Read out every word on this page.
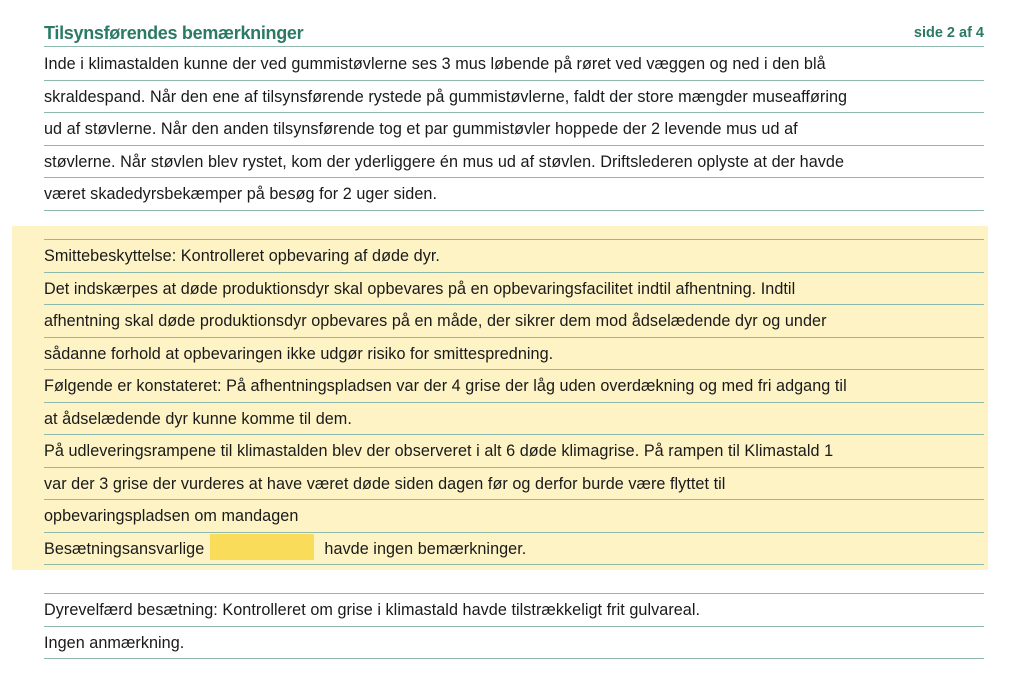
Tilsynsførendes bemærkninger	side 2 af 4
Inde i klimastalden kunne der ved gummistøvlerne ses 3 mus løbende på røret ved væggen og ned i den blå
skraldespand. Når den ene af tilsynsførende rystede på gummistøvlerne, faldt der store mængder museafføring
ud af støvlerne. Når den anden tilsynsførende tog et par gummistøvler hoppede der 2 levende mus ud af
støvlerne. Når støvlen blev rystet, kom der yderliggere én mus ud af støvlen. Driftslederen oplyste at der havde
været skadedyrsbekæmper på besøg for 2 uger siden.
Smittebeskyttelse: Kontrolleret opbevaring af døde dyr.
Det indskærpes at døde produktionsdyr skal opbevares på en opbevaringsfacilitet indtil afhentning. Indtil
afhentning skal døde produktionsdyr opbevares på en måde, der sikrer dem mod ådselædende dyr og under
sådanne forhold at opbevaringen ikke udgør risiko for smittespredning.
Følgende er konstateret: På afhentningspladsen var der 4 grise der låg uden overdækning og med fri adgang til
at ådselædende dyr kunne komme til dem.
På udleveringsrampene til klimastalden blev der observeret i alt 6 døde klimagrise. På rampen til Klimastald 1
var der 3 grise der vurderes at have været døde siden dagen før og derfor burde være flyttet til
opbevaringspladsen om mandagen
Besætningsansvarlige	havde ingen bemærkninger.
Dyrevelfærd besætning: Kontrolleret om grise i klimastald havde tilstrækkeligt frit gulvareal.
Ingen anmærkning.
